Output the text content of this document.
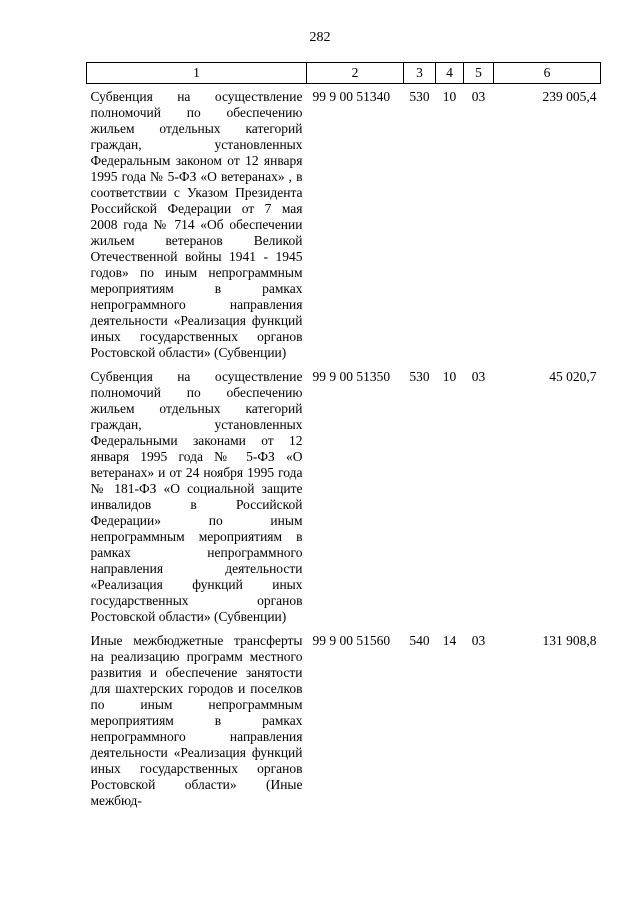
282
1	2	3	4	5	6
Субвенция на осуществление полномочий по обеспечению жильем отдельных категорий граждан, установленных Федеральным законом от 12 января 1995 года № 5-ФЗ «О ветеранах» , в соответствии с Указом Президента Российской Федерации от 7 мая 2008 года № 714 «Об обеспечении жильем ветеранов Великой Отечественной войны 1941 - 1945 годов» по иным непрограммным мероприятиям в рамках непрограммного направления деятельности «Реализация функций иных государственных органов Ростовской области» (Субвенции)	99 9 00 51340	530	10	03	239 005,4
Субвенция на осуществление полномочий по обеспечению жильем отдельных категорий граждан, установленных Федеральными законами от 12 января 1995 года № 5-ФЗ «О ветеранах» и от 24 ноября 1995 года № 181-ФЗ «О социальной защите инвалидов в Российской Федерации» по иным непрограммным мероприятиям в рамках непрограммного направления деятельности «Реализация функций иных государственных органов Ростовской области» (Субвенции)	99 9 00 51350	530	10	03	45 020,7
Иные межбюджетные трансферты на реализацию программ местного развития и обеспечение занятости для шахтерских городов и поселков по иным непрограммным мероприятиям в рамках непрограммного направления деятельности «Реализация функций иных государственных органов Ростовской области» (Иные межбюд-	99 9 00 51560	540	14	03	131 908,8
